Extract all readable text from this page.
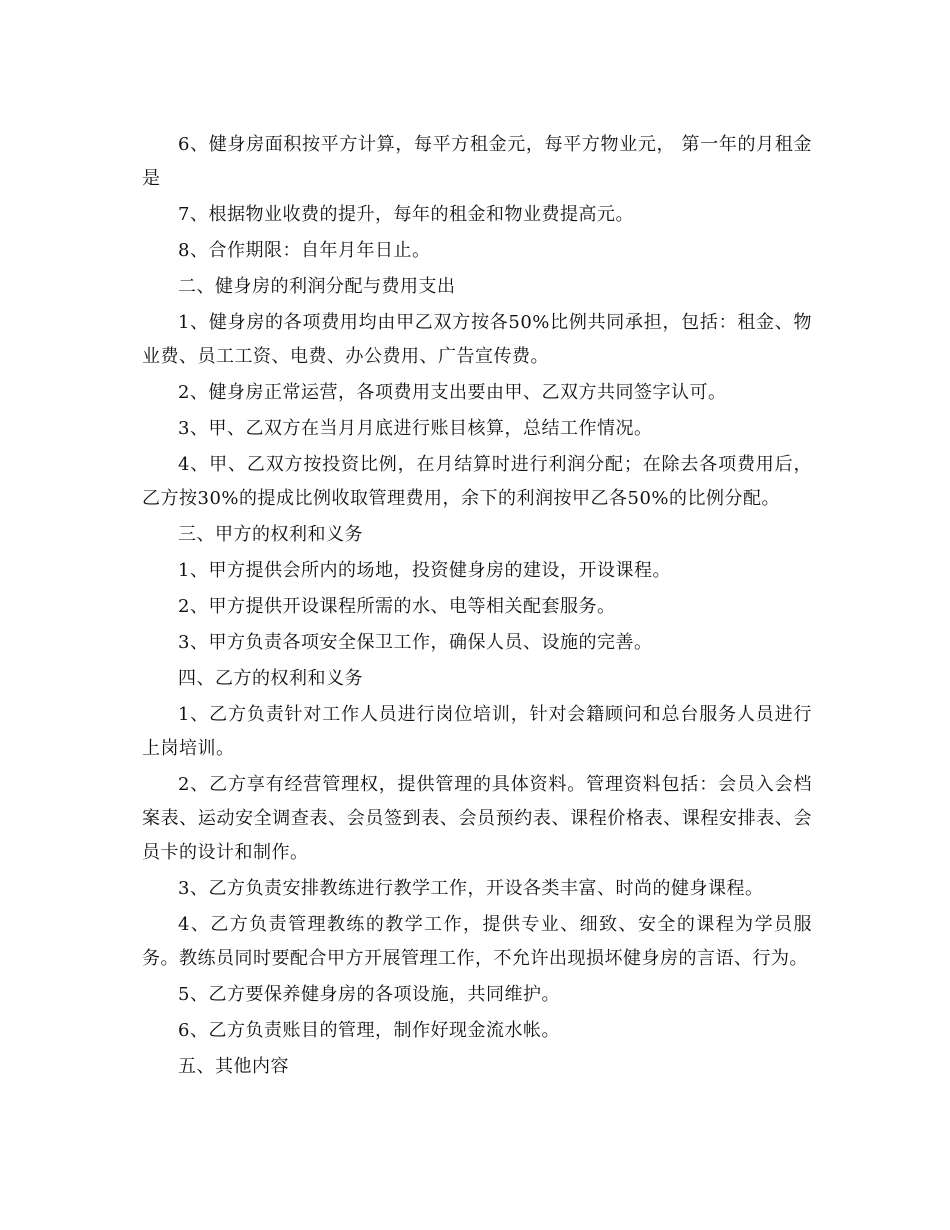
6、健身房面积按平方计算，每平方租金元，每平方物业元， 第一年的月租金是

7、根据物业收费的提升，每年的租金和物业费提高元。

8、合作期限：自年月年日止。

二、健身房的利润分配与费用支出

1、健身房的各项费用均由甲乙双方按各50%比例共同承担，包括：租金、物业费、员工工资、电费、办公费用、广告宣传费。

2、健身房正常运营，各项费用支出要由甲、乙双方共同签字认可。

3、甲、乙双方在当月月底进行账目核算，总结工作情况。

4、甲、乙双方按投资比例，在月结算时进行利润分配；在除去各项费用后，乙方按30%的提成比例收取管理费用，余下的利润按甲乙各50%的比例分配。

三、甲方的权利和义务

1、甲方提供会所内的场地，投资健身房的建设，开设课程。

2、甲方提供开设课程所需的水、电等相关配套服务。

3、甲方负责各项安全保卫工作，确保人员、设施的完善。

四、乙方的权利和义务

1、乙方负责针对工作人员进行岗位培训，针对会籍顾问和总台服务人员进行上岗培训。

2、乙方享有经营管理权，提供管理的具体资料。管理资料包括：会员入会档案表、运动安全调查表、会员签到表、会员预约表、课程价格表、课程安排表、会员卡的设计和制作。

3、乙方负责安排教练进行教学工作，开设各类丰富、时尚的健身课程。

4、乙方负责管理教练的教学工作，提供专业、细致、安全的课程为学员服务。教练员同时要配合甲方开展管理工作，不允许出现损坏健身房的言语、行为。

5、乙方要保养健身房的各项设施，共同维护。

6、乙方负责账目的管理，制作好现金流水帐。

五、其他内容
